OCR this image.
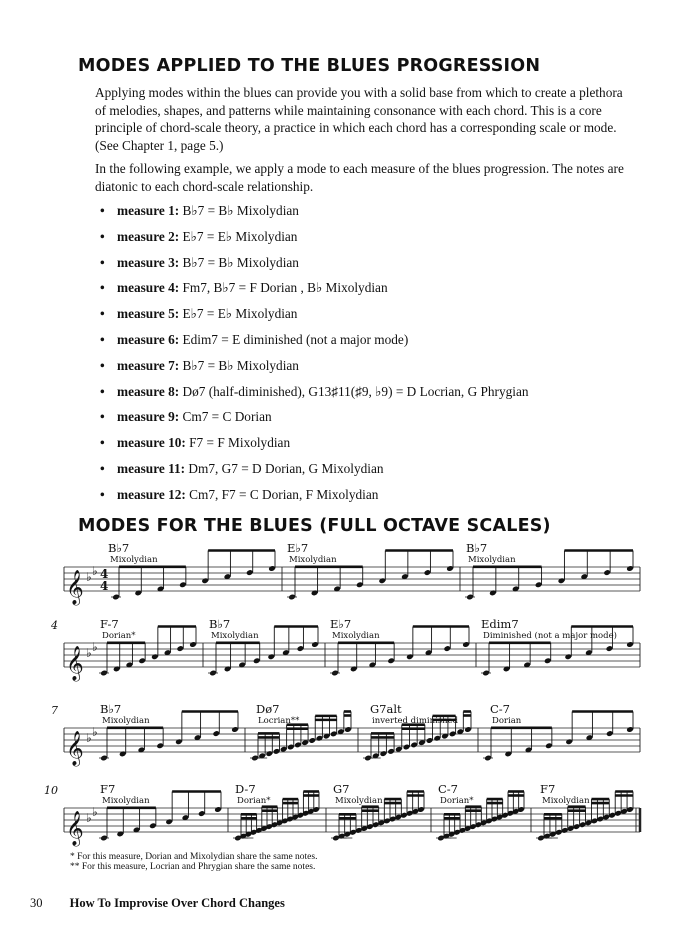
MODES APPLIED TO THE BLUES PROGRESSION

Applying modes within the blues can provide you with a solid base from which to create a plethora of melodies, shapes, and patterns while maintaining consonance with each chord. This is a core principle of chord-scale theory, a practice in which each chord has a corresponding scale or mode. (See Chapter 1, page 5.)

In the following example, we apply a mode to each measure of the blues progression. The notes are diatonic to each chord-scale relationship.

• measure 1: B♭7 = B♭ Mixolydian
• measure 2: E♭7 = E♭ Mixolydian
• measure 3: B♭7 = B♭ Mixolydian
• measure 4: Fm7, B♭7 = F Dorian , B♭ Mixolydian
• measure 5: E♭7 = E♭ Mixolydian
• measure 6: Edim7 = E diminished (not a major mode)
• measure 7: B♭7 = B♭ Mixolydian
• measure 8: Dø7 (half-diminished), G13♯11(♯9, ♭9) = D Locrian, G Phrygian
• measure 9: Cm7 = C Dorian
• measure 10: F7 = F Mixolydian
• measure 11: Dm7, G7 = D Dorian, G Mixolydian
• measure 12: Cm7, F7 = C Dorian, F Mixolydian
MODES FOR THE BLUES (FULL OCTAVE SCALES)
𝄞 ♭ ♭ 4
4
B♭7
Mixolydian
E♭7
Mixolydian
B♭7
Mixolydian
𝄞 ♭ ♭
4	F-7
Dorian*
B♭7
Mixolydian
E♭7
Mixolydian
Edim7
Diminished (not a major mode)
𝄞 ♭ ♭
7	B♭7
Mixolydian
Dø7
Locrian**
G7alt
inverted diminished
C-7
Dorian
𝄞 ♭ ♭
10	F7
Mixolydian
D-7
Dorian*
G7
Mixolydian
C-7
Dorian*
F7
Mixolydian
* For this measure, Dorian and Mixolydian share the same notes.
** For this measure, Locrian and Phrygian share the same notes.
30 How To Improvise Over Chord Changes
